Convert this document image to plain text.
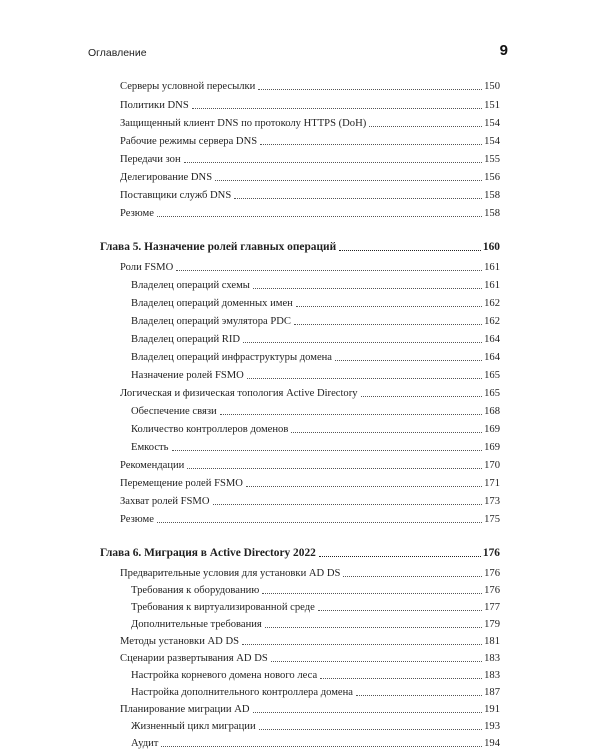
Оглавление	9
Серверы условной пересылки	150
Политики DNS	151
Защищенный клиент DNS по протоколу HTTPS (DoH)	154
Рабочие режимы сервера DNS	154
Передачи зон	155
Делегирование DNS	156
Поставщики служб DNS	158
Резюме	158
Глава 5. Назначение ролей главных операций	160
Роли FSMO	161
Владелец операций схемы	161
Владелец операций доменных имен	162
Владелец операций эмулятора PDC	162
Владелец операций RID	164
Владелец операций инфраструктуры домена	164
Назначение ролей FSMO	165
Логическая и физическая топология Active Directory	165
Обеспечение связи	168
Количество контроллеров доменов	169
Емкость	169
Рекомендации	170
Перемещение ролей FSMO	171
Захват ролей FSMO	173
Резюме	175
Глава 6. Миграция в Active Directory 2022	176
Предварительные условия для установки AD DS	176
Требования к оборудованию	176
Требования к виртуализированной среде	177
Дополнительные требования	179
Методы установки AD DS	181
Сценарии развертывания AD DS	183
Настройка корневого домена нового леса	183
Настройка дополнительного контроллера домена	187
Планирование миграции AD	191
Жизненный цикл миграции	193
Аудит	194
